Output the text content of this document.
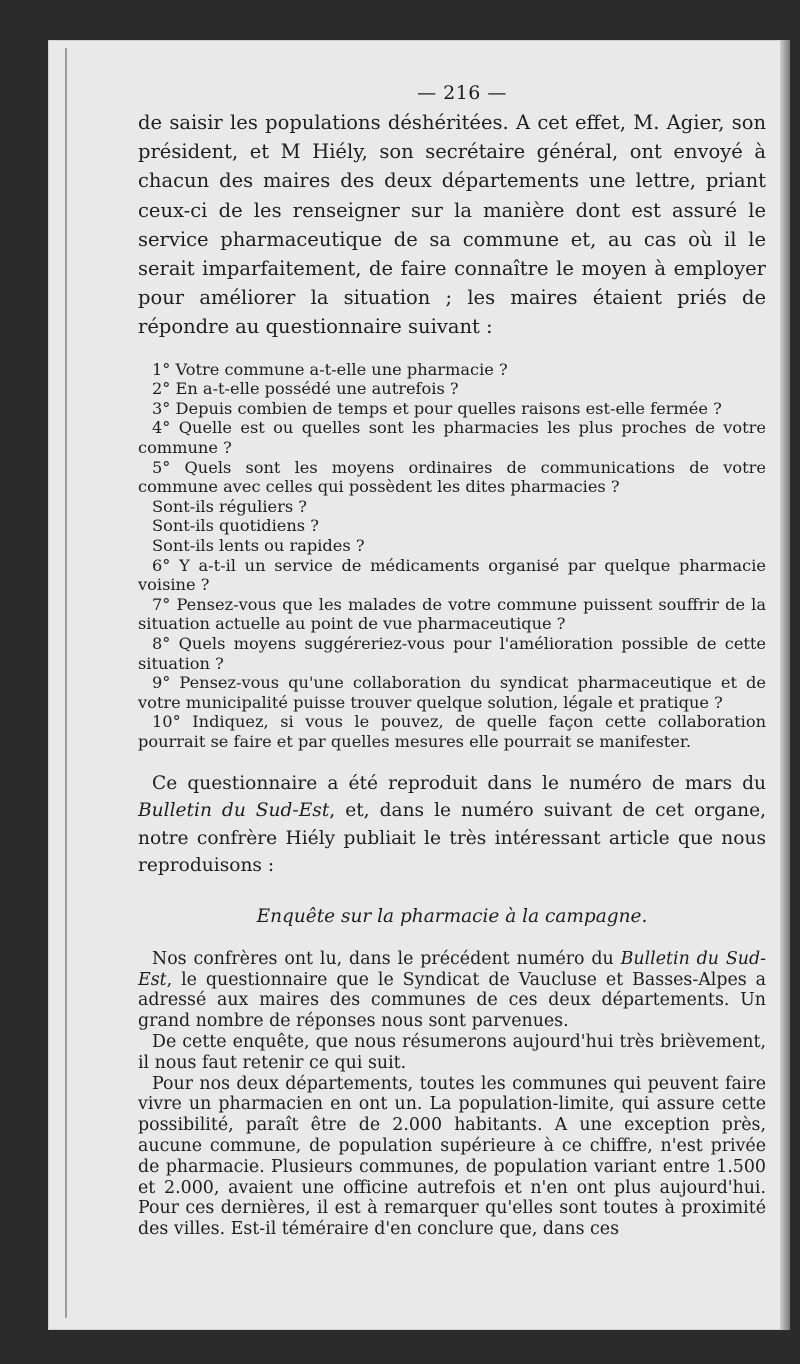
— 216 —

de saisir les populations déshéritées. A cet effet, M. Agier, son président, et M Hiély, son secrétaire général, ont envoyé à chacun des maires des deux départements une lettre, priant ceux-ci de les renseigner sur la manière dont est assuré le service pharmaceutique de sa commune et, au cas où il le serait imparfaitement, de faire connaître le moyen à employer pour améliorer la situation ; les maires étaient priés de répondre au questionnaire suivant :

1° Votre commune a-t-elle une pharmacie ?

2° En a-t-elle possédé une autrefois ?

3° Depuis combien de temps et pour quelles raisons est-elle fermée ?

4° Quelle est ou quelles sont les pharmacies les plus proches de votre commune ?

5° Quels sont les moyens ordinaires de communications de votre commune avec celles qui possèdent les dites pharmacies ?

Sont-ils réguliers ?

Sont-ils quotidiens ?

Sont-ils lents ou rapides ?

6° Y a-t-il un service de médicaments organisé par quelque pharmacie voisine ?

7° Pensez-vous que les malades de votre commune puissent souffrir de la situation actuelle au point de vue pharmaceutique ?

8° Quels moyens suggéreriez-vous pour l'amélioration possible de cette situation ?

9° Pensez-vous qu'une collaboration du syndicat pharmaceutique et de votre municipalité puisse trouver quelque solution, légale et pratique ?

10° Indiquez, si vous le pouvez, de quelle façon cette collaboration pourrait se faire et par quelles mesures elle pourrait se manifester.

Ce questionnaire a été reproduit dans le numéro de mars du Bulletin du Sud-Est, et, dans le numéro suivant de cet organe, notre confrère Hiély publiait le très intéressant article que nous reproduisons :

Enquête sur la pharmacie à la campagne.

Nos confrères ont lu, dans le précédent numéro du Bulletin du Sud-Est, le questionnaire que le Syndicat de Vaucluse et Basses-Alpes a adressé aux maires des communes de ces deux départements. Un grand nombre de réponses nous sont parvenues.

De cette enquête, que nous résumerons aujourd'hui très brièvement, il nous faut retenir ce qui suit.

Pour nos deux départements, toutes les communes qui peuvent faire vivre un pharmacien en ont un. La population-limite, qui assure cette possibilité, paraît être de 2.000 habitants. A une exception près, aucune commune, de population supérieure à ce chiffre, n'est privée de pharmacie. Plusieurs communes, de population variant entre 1.500 et 2.000, avaient une officine autrefois et n'en ont plus aujourd'hui. Pour ces dernières, il est à remarquer qu'elles sont toutes à proximité des villes. Est-il téméraire d'en conclure que, dans ces
